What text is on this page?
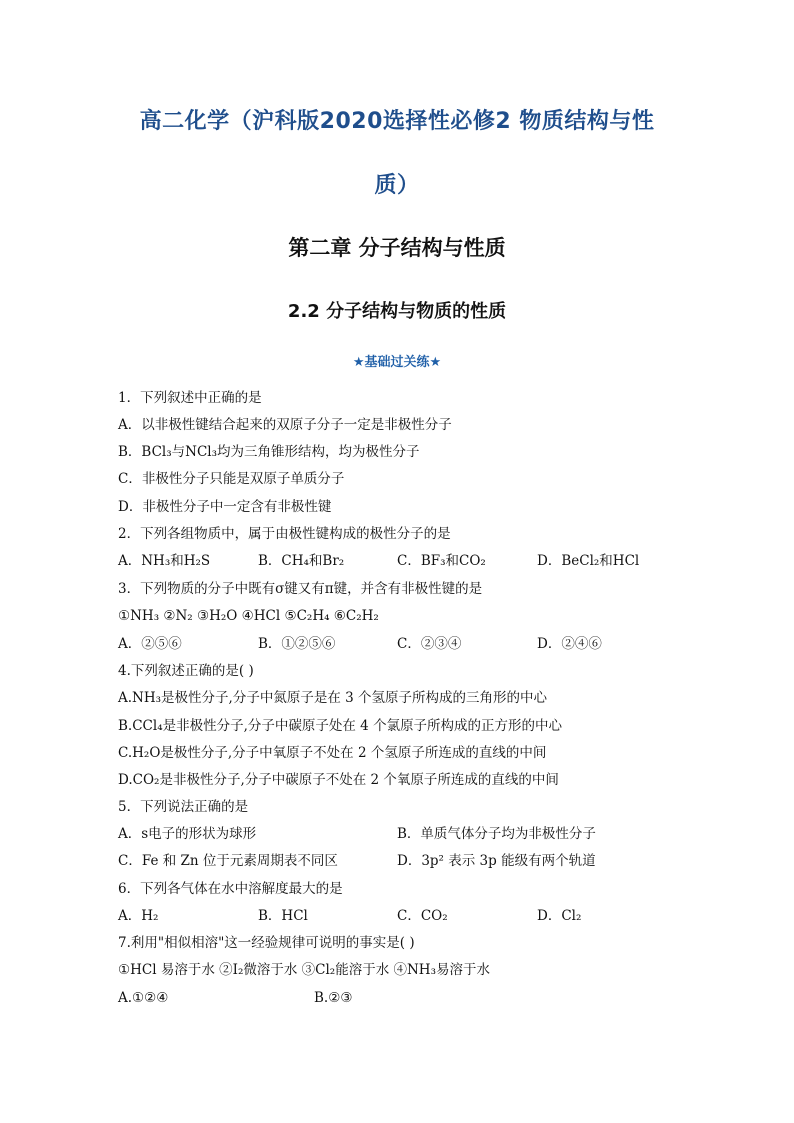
高二化学（沪科版2020选择性必修2 物质结构与性
质）
第二章 分子结构与性质
2.2 分子结构与物质的性质
★基础过关练★
1．下列叙述中正确的是
A．以非极性键结合起来的双原子分子一定是非极性分子
B．BCl₃与NCl₃均为三角锥形结构，均为极性分子
C．非极性分子只能是双原子单质分子
D．非极性分子中一定含有非极性键
2．下列各组物质中，属于由极性键构成的极性分子的是
A．NH₃和H₂S	B．CH₄和Br₂	C．BF₃和CO₂	D．BeCl₂和HCl
3．下列物质的分子中既有σ键又有π键，并含有非极性键的是
①NH₃ ②N₂ ③H₂O ④HCl ⑤C₂H₄ ⑥C₂H₂
A．②⑤⑥	B．①②⑤⑥	C．②③④	D．②④⑥
4.下列叙述正确的是( )
A.NH₃是极性分子,分子中氮原子是在 3 个氢原子所构成的三角形的中心
B.CCl₄是非极性分子,分子中碳原子处在 4 个氯原子所构成的正方形的中心
C.H₂O是极性分子,分子中氧原子不处在 2 个氢原子所连成的直线的中间
D.CO₂是非极性分子,分子中碳原子不处在 2 个氧原子所连成的直线的中间
5．下列说法正确的是
A．s电子的形状为球形	B．单质气体分子均为非极性分子
C．Fe 和 Zn 位于元素周期表不同区	D．3p² 表示 3p 能级有两个轨道
6．下列各气体在水中溶解度最大的是
A．H₂	B．HCl	C．CO₂	D．Cl₂
7.利用"相似相溶"这一经验规律可说明的事实是( )
①HCl 易溶于水 ②I₂微溶于水 ③Cl₂能溶于水 ④NH₃易溶于水
A.①②④	B.②③
